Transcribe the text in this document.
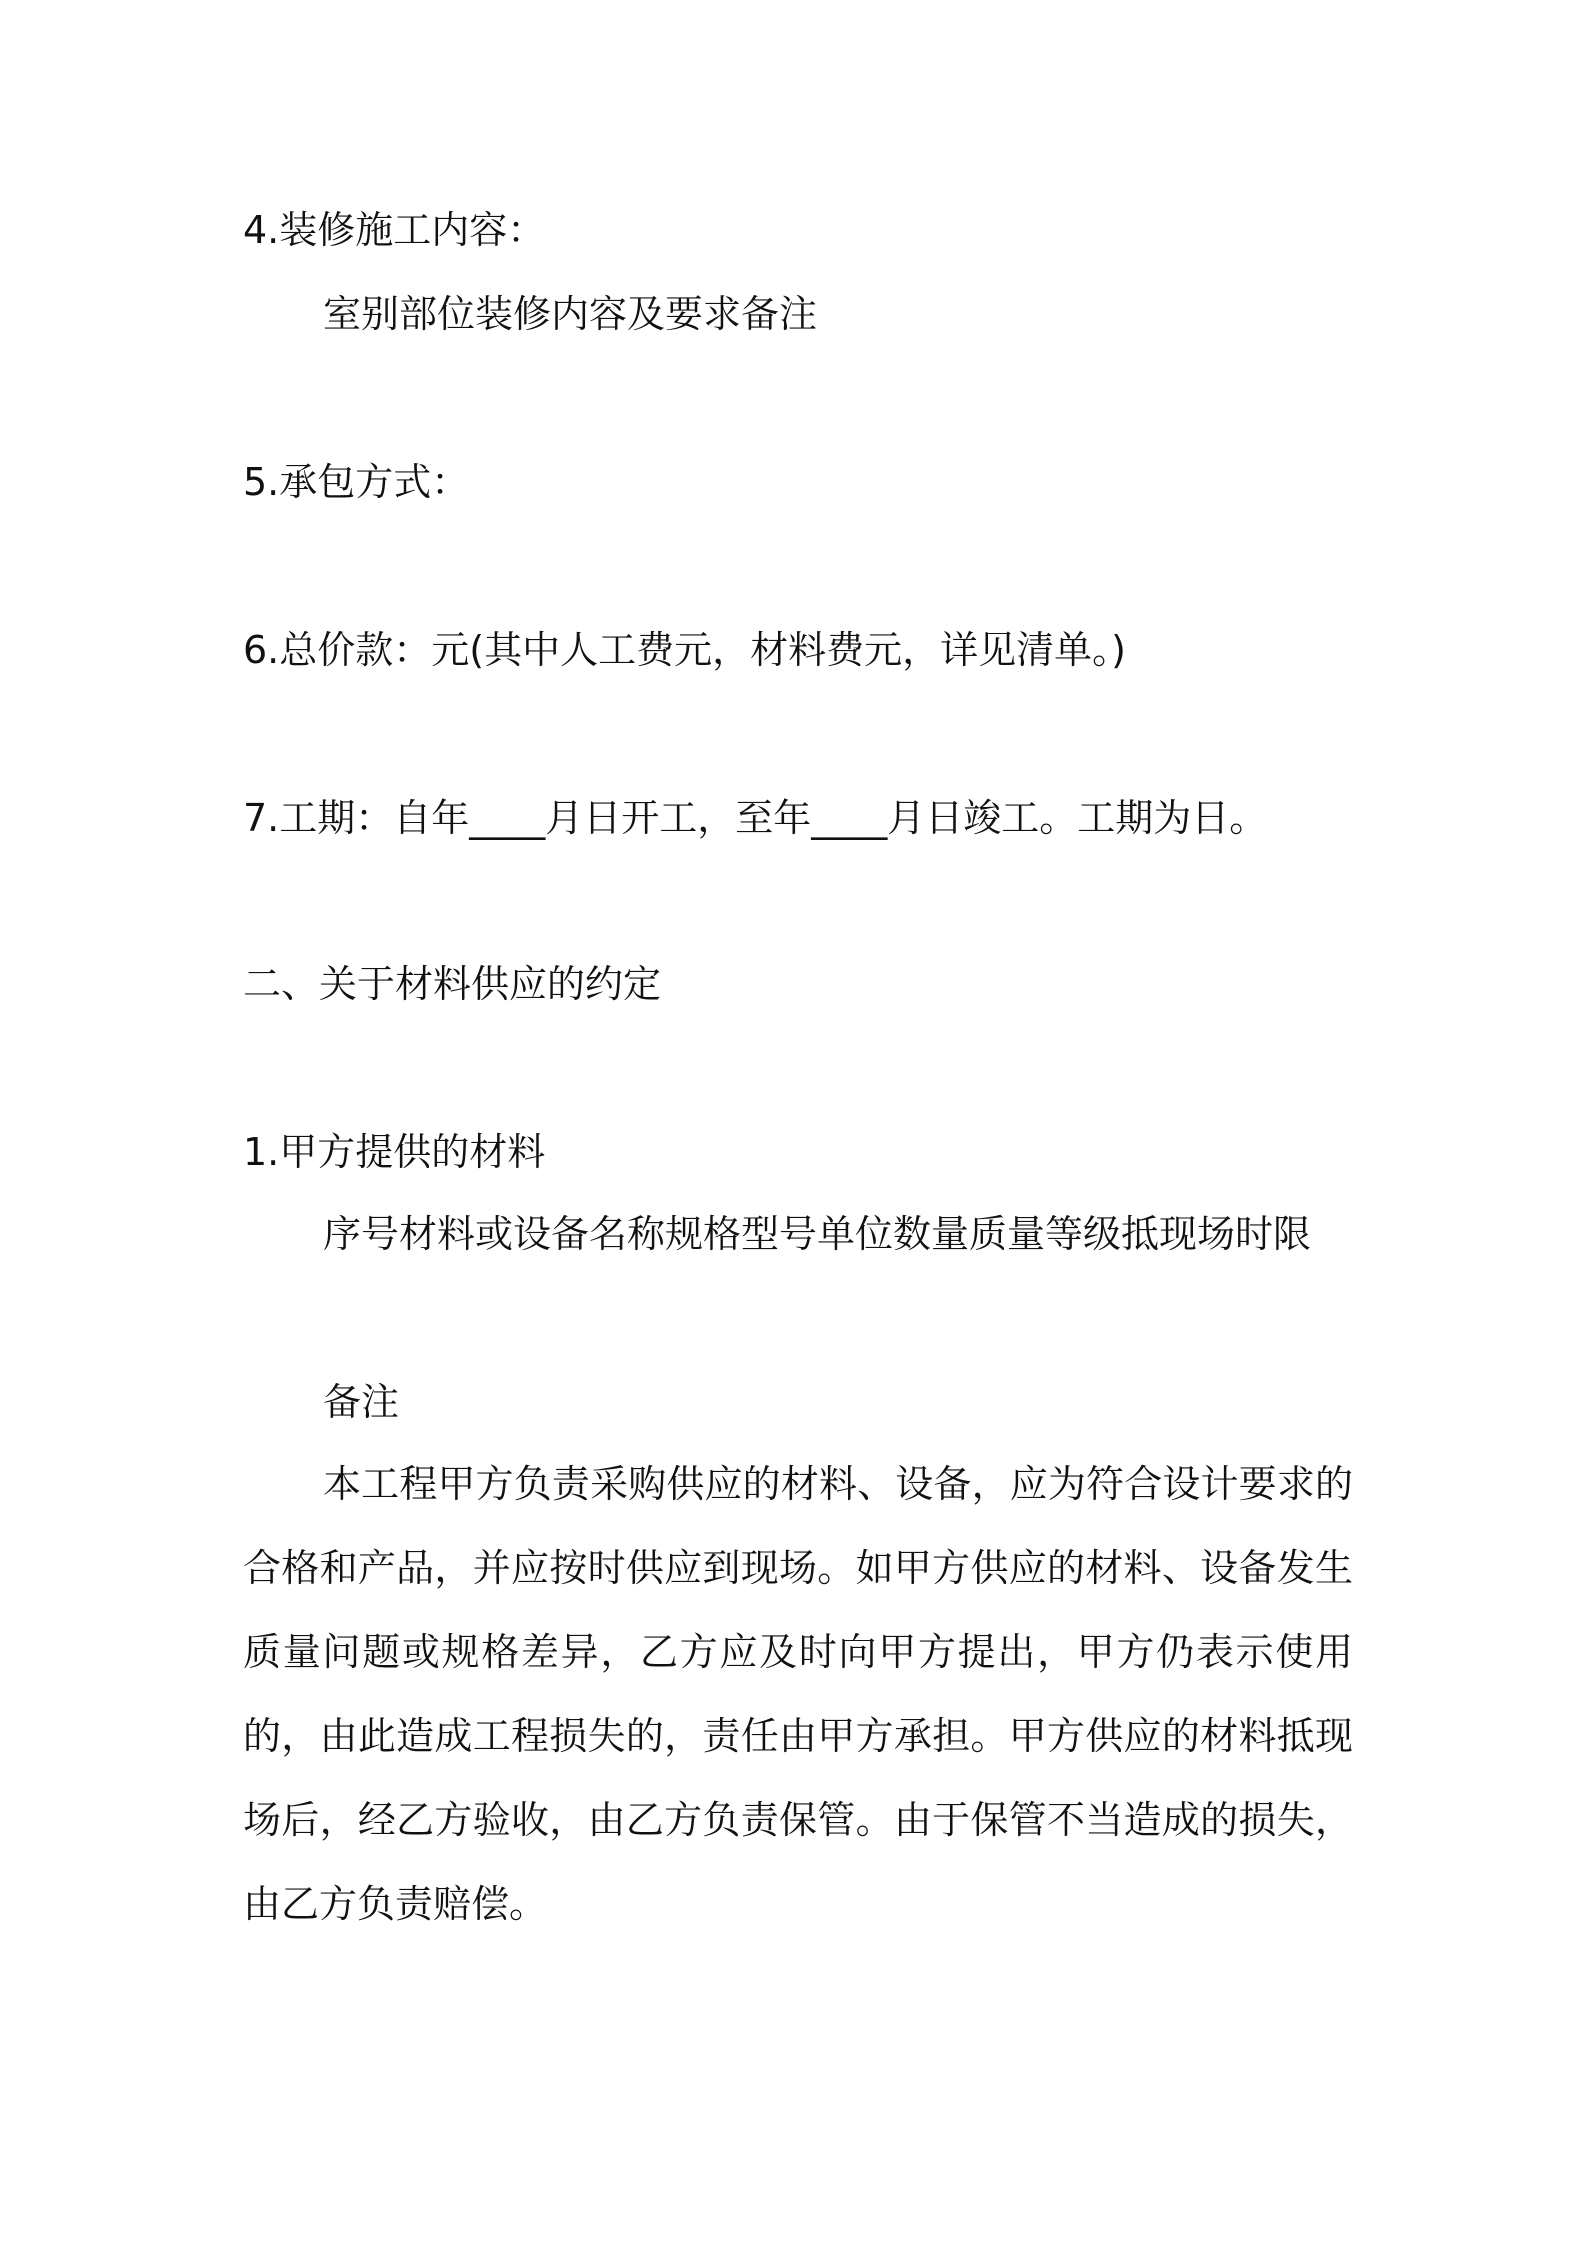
4.装修施工内容：
室别部位装修内容及要求备注
5.承包方式：
6.总价款：元(其中人工费元，材料费元，详见清单。)
7.工期：自年____月日开工，至年____月日竣工。工期为日。
二、关于材料供应的约定
1.甲方提供的材料
序号材料或设备名称规格型号单位数量质量等级抵现场时限
备注
本工程甲方负责采购供应的材料、设备，应为符合设计要求的合格和产品，并应按时供应到现场。如甲方供应的材料、设备发生质量问题或规格差异，乙方应及时向甲方提出，甲方仍表示使用的，由此造成工程损失的，责任由甲方承担。甲方供应的材料抵现场后，经乙方验收，由乙方负责保管。由于保管不当造成的损失，由乙方负责赔偿。
